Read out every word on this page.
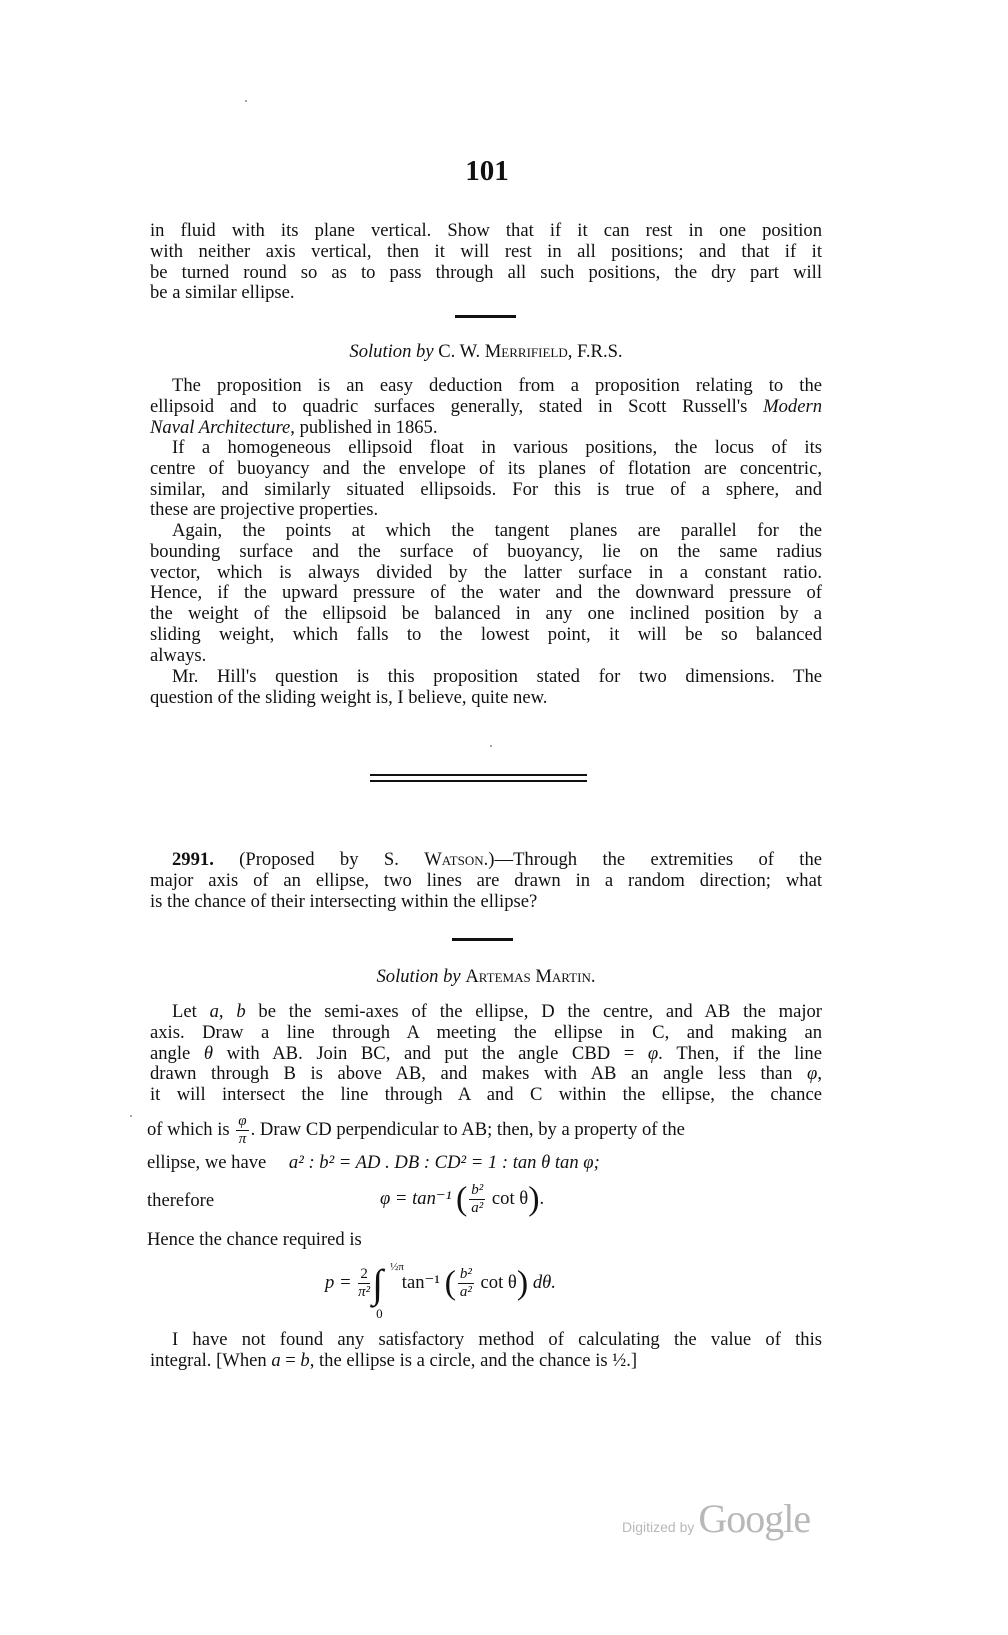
101
in fluid with its plane vertical. Show that if it can rest in one position
with neither axis vertical, then it will rest in all positions; and that if it
be turned round so as to pass through all such positions, the dry part will
be a similar ellipse.
Solution by C. W. Merrifield, F.R.S.
The proposition is an easy deduction from a proposition relating to the
ellipsoid and to quadric surfaces generally, stated in Scott Russell's Modern
Naval Architecture, published in 1865.
If a homogeneous ellipsoid float in various positions, the locus of its
centre of buoyancy and the envelope of its planes of flotation are concentric,
similar, and similarly situated ellipsoids. For this is true of a sphere, and
these are projective properties.
Again, the points at which the tangent planes are parallel for the
bounding surface and the surface of buoyancy, lie on the same radius
vector, which is always divided by the latter surface in a constant ratio.
Hence, if the upward pressure of the water and the downward pressure of
the weight of the ellipsoid be balanced in any one inclined position by a
sliding weight, which falls to the lowest point, it will be so balanced
always.
Mr. Hill's question is this proposition stated for two dimensions. The
question of the sliding weight is, I believe, quite new.
2991. (Proposed by S. Watson.)—Through the extremities of the
major axis of an ellipse, two lines are drawn in a random direction; what
is the chance of their intersecting within the ellipse?
Solution by Artemas Martin.
Let a, b be the semi-axes of the ellipse, D the centre, and AB the major
axis. Draw a line through A meeting the ellipse in C, and making an
angle θ with AB. Join BC, and put the angle CBD = φ. Then, if the line
drawn through B is above AB, and makes with AB an angle less than φ,
it will intersect the line through A and C within the ellipse, the chance
I have not found any satisfactory method of calculating the value of this
integral. [When a = b, the ellipse is a circle, and the chance is ½.]
of which is $\frac{\varphi}{\pi}$ . Draw CD perpendicular to AB; then, by a property of the
ellipse, we have a² : b² = AD . DB : CD² = 1 : tan θ tan φ;
therefore	φ = tan⁻¹ ( $\frac{\text{b²}}{\text{a²}}$ cot θ).
Hence the chance required is
$p = \frac{2}{\text{π²}}$ ∫ ½π
0
tan⁻¹ ( $\frac{\text{b²}}{\text{a²}}$ cot θ) dθ.
Digitized by Google
